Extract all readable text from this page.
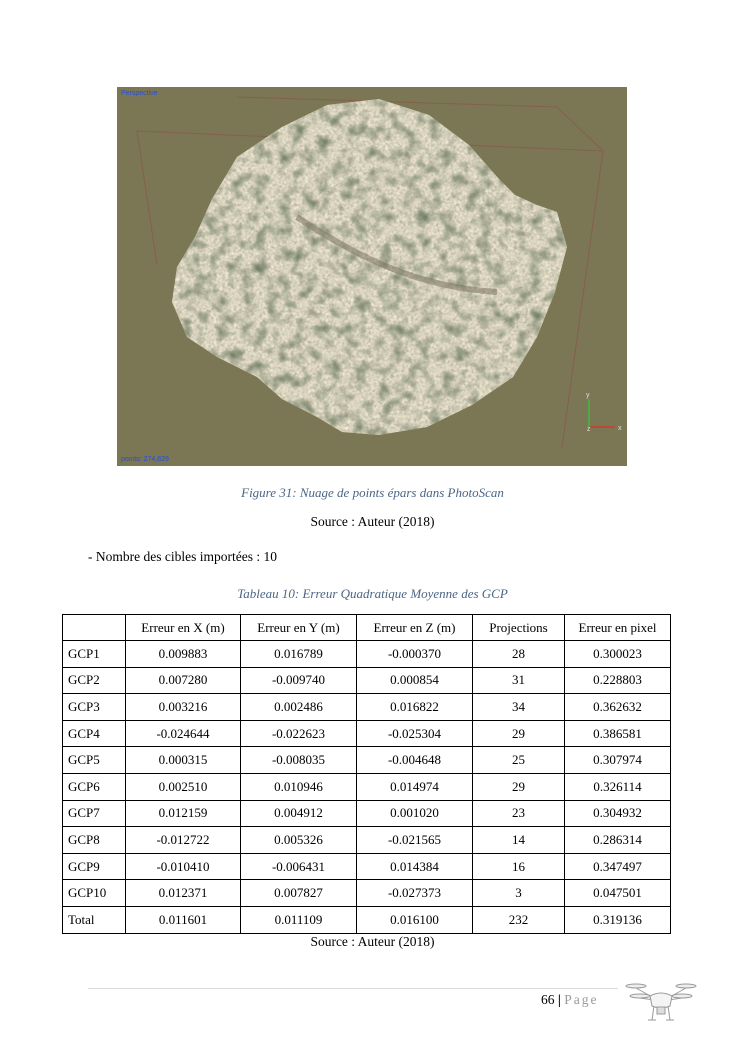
y
z	x
Perspective
points: 274,629
Figure 31: Nuage de points épars dans PhotoScan
Source : Auteur (2018)
- Nombre des cibles importées : 10
Tableau 10: Erreur Quadratique Moyenne des GCP
	Erreur en X (m)	Erreur en Y (m)	Erreur en Z (m)	Projections	Erreur en pixel
GCP1	0.009883	0.016789	-0.000370	28	0.300023
GCP2	0.007280	-0.009740	0.000854	31	0.228803
GCP3	0.003216	0.002486	0.016822	34	0.362632
GCP4	-0.024644	-0.022623	-0.025304	29	0.386581
GCP5	0.000315	-0.008035	-0.004648	25	0.307974
GCP6	0.002510	0.010946	0.014974	29	0.326114
GCP7	0.012159	0.004912	0.001020	23	0.304932
GCP8	-0.012722	0.005326	-0.021565	14	0.286314
GCP9	-0.010410	-0.006431	0.014384	16	0.347497
GCP10	0.012371	0.007827	-0.027373	3	0.047501
Total	0.011601	0.011109	0.016100	232	0.319136
Source : Auteur (2018)
66 | Page
